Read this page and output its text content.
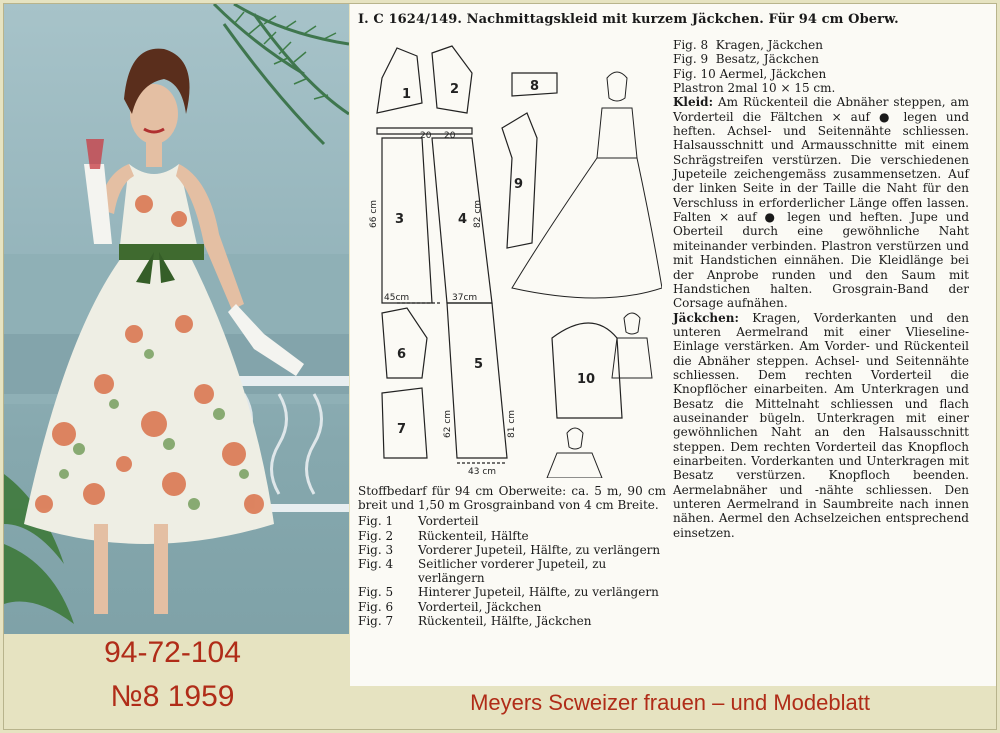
94-72-104
№8 1959	Meyers Scweizer frauen – und Modeblatt
I. C 1624/149. Nachmittagskleid mit kurzem Jäckchen. Für 94 cm Oberw.
1	2
3	4
5
6
7
8
9
10
20 20
66 cm	82 cm
45cm	37cm
62 cm	81 cm
43 cm

Stoffbedarf für 94 cm Oberweite: ca. 5 m, 90 cm breit und 1,50 m Grosgrainband von 4 cm Breite.

Fig. 1	Vorderteil
Fig. 2	Rückenteil, Hälfte
Fig. 3	Vorderer Jupeteil, Hälfte, zu verlängern
Fig. 4	Seitlicher vorderer Jupeteil, zu verlängern
Fig. 5	Hinterer Jupeteil, Hälfte, zu verlängern
Fig. 6	Vorderteil, Jäckchen
Fig. 7	Rückenteil, Hälfte, Jäckchen
Fig. 8 Kragen, Jäckchen
Fig. 9 Besatz, Jäckchen
Fig. 10 Aermel, Jäckchen
Plastron 2mal 10 × 15 cm.

Kleid: Am Rückenteil die Abnäher steppen, am Vorderteil die Fältchen × auf ● legen und heften. Achsel- und Seitennähte schliessen. Halsausschnitt und Armausschnitte mit einem Schrägstreifen verstürzen. Die verschiedenen Jupeteile zeichengemäss zusammensetzen. Auf der linken Seite in der Taille die Naht für den Verschluss in erforderlicher Länge offen lassen. Falten × auf ● legen und heften. Jupe und Oberteil durch eine gewöhnliche Naht miteinander verbinden. Plastron verstürzen und mit Handstichen einnähen. Die Kleidlänge bei der Anprobe runden und den Saum mit Handstichen halten. Grosgrain-Band der Corsage aufnähen.

Jäckchen: Kragen, Vorderkanten und den unteren Aermelrand mit einer Vlieseline-Einlage verstärken. Am Vorder- und Rückenteil die Abnäher steppen. Achsel- und Seitennähte schliessen. Dem rechten Vorderteil die Knopflöcher einarbeiten. Am Unterkragen und Besatz die Mittelnaht schliessen und flach auseinander bügeln. Unterkragen mit einer gewöhnlichen Naht an den Halsausschnitt steppen. Dem rechten Vorderteil das Knopfloch einarbeiten. Vorderkanten und Unterkragen mit Besatz verstürzen. Knopfloch beenden. Aermelabnäher und -nähte schliessen. Den unteren Aermelrand in Saumbreite nach innen nähen. Aermel den Achselzeichen entsprechend einsetzen.
